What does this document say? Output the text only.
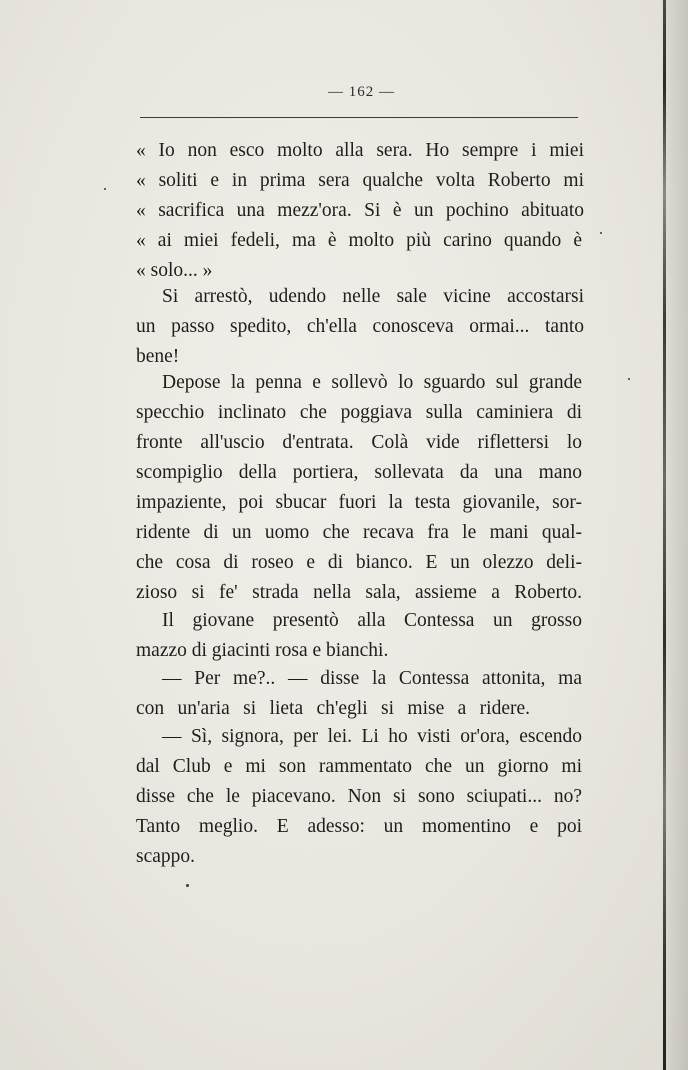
— 162 —
« Io non esco molto alla sera. Ho sempre i miei
« soliti e in prima sera qualche volta Roberto mi
« sacrifica una mezz'ora. Si è un pochino abituato
« ai miei fedeli, ma è molto più carino quando è
« solo... »
Si arrestò, udendo nelle sale vicine accostarsi
un passo spedito, ch'ella conosceva ormai... tanto
bene!
Depose la penna e sollevò lo sguardo sul grande
specchio inclinato che poggiava sulla caminiera di
fronte all'uscio d'entrata. Colà vide riflettersi lo
scompiglio della portiera, sollevata da una mano
impaziente, poi sbucar fuori la testa giovanile, sor-
ridente di un uomo che recava fra le mani qual-
che cosa di roseo e di bianco. E un olezzo deli-
zioso si fe' strada nella sala, assieme a Roberto.
Il giovane presentò alla Contessa un grosso
mazzo di giacinti rosa e bianchi.
— Per me?.. — disse la Contessa attonita, ma
con un'aria si lieta ch'egli si mise a ridere.
— Sì, signora, per lei. Li ho visti or'ora, escendo
dal Club e mi son rammentato che un giorno mi
disse che le piacevano. Non si sono sciupati... no?
Tanto meglio. E adesso: un momentino e poi
scappo.
